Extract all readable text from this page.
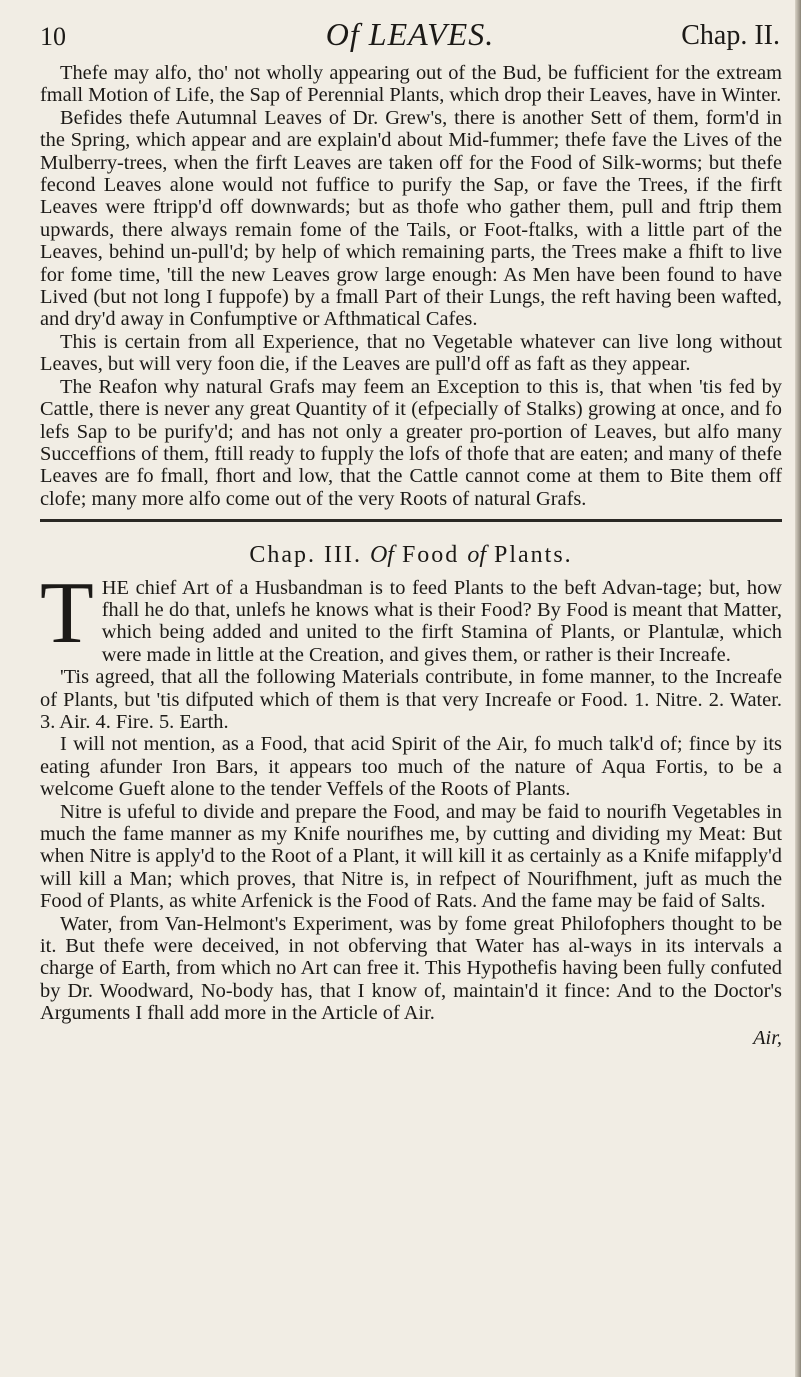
10	Of LEAVES.	Chap. II.

Thefe may alfo, tho' not wholly appearing out of the Bud, be fufficient for the extream fmall Motion of Life, the Sap of Perennial Plants, which drop their Leaves, have in Winter.

Befides thefe Autumnal Leaves of Dr. Grew's, there is another Sett of them, form'd in the Spring, which appear and are explain'd about Mid-fummer; thefe fave the Lives of the Mulberry-trees, when the firft Leaves are taken off for the Food of Silk-worms; but thefe fecond Leaves alone would not fuffice to purify the Sap, or fave the Trees, if the firft Leaves were ftripp'd off downwards; but as thofe who gather them, pull and ftrip them upwards, there always remain fome of the Tails, or Foot-ftalks, with a little part of the Leaves, behind un-pull'd; by help of which remaining parts, the Trees make a fhift to live for fome time, 'till the new Leaves grow large enough: As Men have been found to have Lived (but not long I fuppofe) by a fmall Part of their Lungs, the reft having been wafted, and dry'd away in Confumptive or Afthmatical Cafes.

This is certain from all Experience, that no Vegetable whatever can live long without Leaves, but will very foon die, if the Leaves are pull'd off as faft as they appear.

The Reafon why natural Grafs may feem an Exception to this is, that when 'tis fed by Cattle, there is never any great Quantity of it (efpecially of Stalks) growing at once, and fo lefs Sap to be purify'd; and has not only a greater pro-portion of Leaves, but alfo many Succeffions of them, ftill ready to fupply the lofs of thofe that are eaten; and many of thefe Leaves are fo fmall, fhort and low, that the Cattle cannot come at them to Bite them off clofe; many more alfo come out of the very Roots of natural Grafs.

Chap. III. Of Food of Plants.

THE chief Art of a Husbandman is to feed Plants to the beft Advan-tage; but, how fhall he do that, unlefs he knows what is their Food? By Food is meant that Matter, which being added and united to the firft Stamina of Plants, or Plantulæ, which were made in little at the Creation, and gives them, or rather is their Increafe.

'Tis agreed, that all the following Materials contribute, in fome manner, to the Increafe of Plants, but 'tis difputed which of them is that very Increafe or Food. 1. Nitre. 2. Water. 3. Air. 4. Fire. 5. Earth.

I will not mention, as a Food, that acid Spirit of the Air, fo much talk'd of; fince by its eating afunder Iron Bars, it appears too much of the nature of Aqua Fortis, to be a welcome Gueft alone to the tender Veffels of the Roots of Plants.

Nitre is ufeful to divide and prepare the Food, and may be faid to nourifh Vegetables in much the fame manner as my Knife nourifhes me, by cutting and dividing my Meat: But when Nitre is apply'd to the Root of a Plant, it will kill it as certainly as a Knife mifapply'd will kill a Man; which proves, that Nitre is, in refpect of Nourifhment, juft as much the Food of Plants, as white Arfenick is the Food of Rats. And the fame may be faid of Salts.

Water, from Van-Helmont's Experiment, was by fome great Philofophers thought to be it. But thefe were deceived, in not obferving that Water has al-ways in its intervals a charge of Earth, from which no Art can free it. This Hypothefis having been fully confuted by Dr. Woodward, No-body has, that I know of, maintain'd it fince: And to the Doctor's Arguments I fhall add more in the Article of Air.

Air,
